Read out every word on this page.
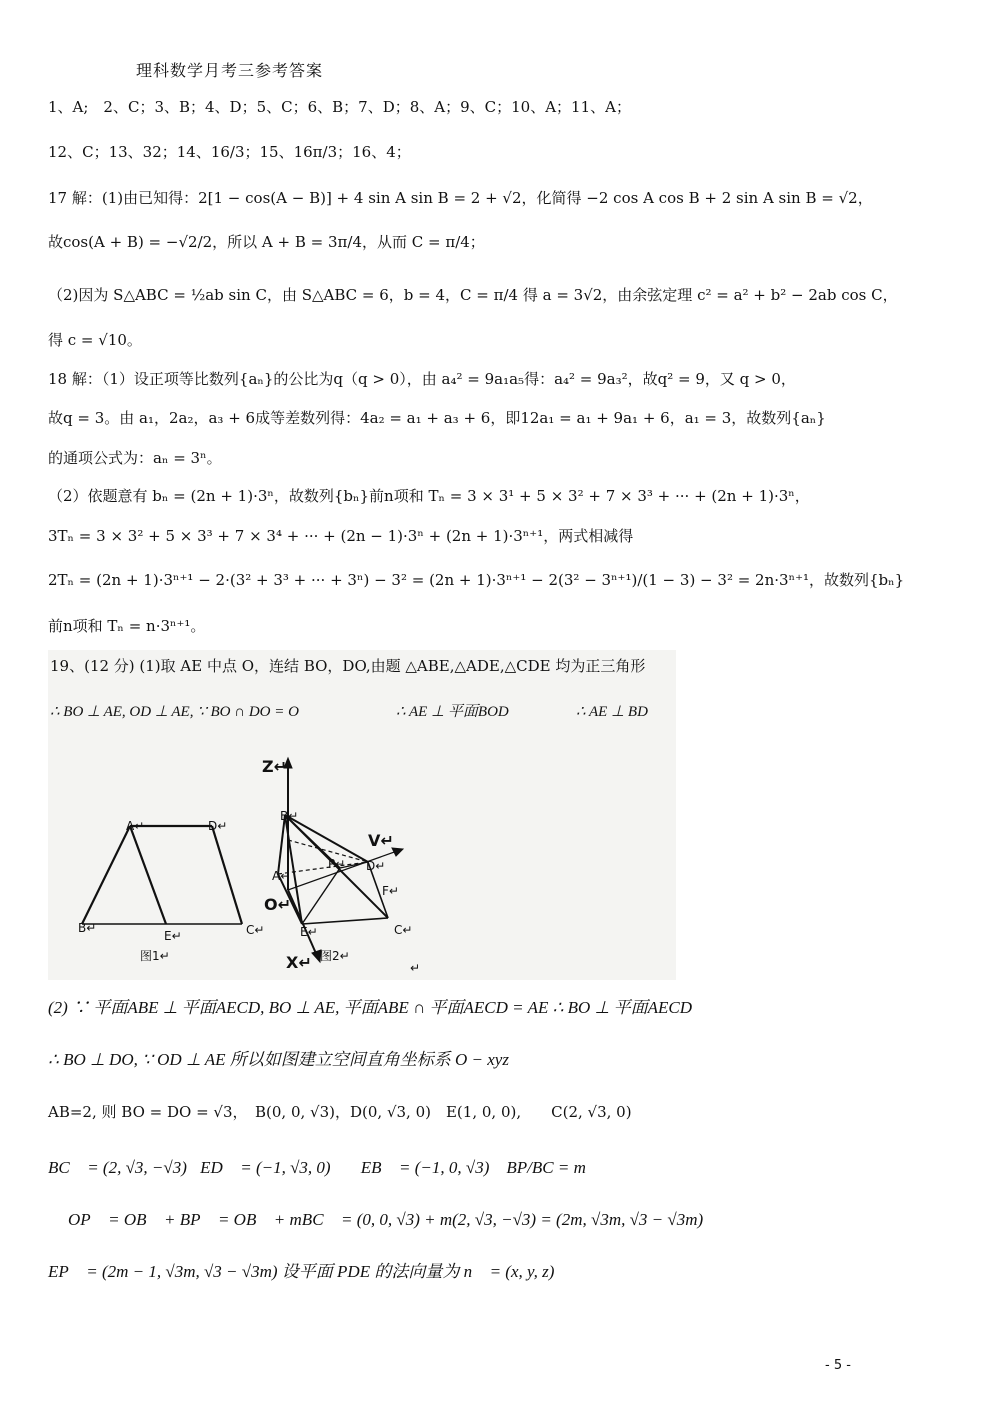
理科数学月考三参考答案
1、A;　2、C；3、B；4、D；5、C；6、B；7、D；8、A；9、C；10、A；11、A；
12、C；13、32；14、16/3；15、16π/3；16、4；
17 解：(1)由已知得：2[1 − cos(A − B)] + 4 sin A sin B = 2 + √2，化简得 −2 cos A cos B + 2 sin A sin B = √2，
故cos(A + B) = −√2/2，所以 A + B = 3π/4，从而 C = π/4；
（2)因为 S△ABC = ½ab sin C，由 S△ABC = 6，b = 4，C = π/4 得 a = 3√2，由余弦定理 c² = a² + b² − 2ab cos C，
得 c = √10。
18 解：（1）设正项等比数列{aₙ}的公比为q（q > 0），由 a₄² = 9a₁a₅得：a₄² = 9a₃²，故q² = 9，又 q > 0，
故q = 3。由 a₁，2a₂，a₃ + 6成等差数列得：4a₂ = a₁ + a₃ + 6，即12a₁ = a₁ + 9a₁ + 6，a₁ = 3，故数列{aₙ}
的通项公式为：aₙ = 3ⁿ。
（2）依题意有 bₙ = (2n + 1)·3ⁿ，故数列{bₙ}前n项和 Tₙ = 3 × 3¹ + 5 × 3² + 7 × 3³ + ··· + (2n + 1)·3ⁿ，
3Tₙ = 3 × 3² + 5 × 3³ + 7 × 3⁴ + ··· + (2n − 1)·3ⁿ + (2n + 1)·3ⁿ⁺¹，两式相减得
2Tₙ = (2n + 1)·3ⁿ⁺¹ − 2·(3² + 3³ + ··· + 3ⁿ) − 3² = (2n + 1)·3ⁿ⁺¹ − 2(3² − 3ⁿ⁺¹)/(1 − 3) − 3² = 2n·3ⁿ⁺¹，故数列{bₙ}
前n项和 Tₙ = n·3ⁿ⁺¹。
19、(12 分) (1)取 AE 中点 O，连结 BO，DO,由题 △ABE,△ADE,△CDE 均为正三角形
∴ BO ⊥ AE, OD ⊥ AE, ∵ BO ∩ DO = O	∴ AE ⊥ 平面BOD	∴ AE ⊥ BD
A↵	D↵
B↵
E↵	C↵
图1↵
Z↵
B↵
P↵
V↵
D↵
A↵
F↵
O↵
E↵	C↵
X↵ 图2↵
↵
(2) ∵ 平面ABE ⊥ 平面AECD, BO ⊥ AE, 平面ABE ∩ 平面AECD = AE ∴ BO ⊥ 平面AECD
∴ BO ⊥ DO, ∵ OD ⊥ AE 所以如图建立空间直角坐标系 O − xyz
AB=2, 则 BO = DO = √3，　B(0, 0, √3)，D(0, √3, 0)　E(1, 0, 0),　　C(2, √3, 0)
BC⃗ = (2, √3, −√3)，ED⃗ = (−1, √3, 0)　，EB⃗ = (−1, 0, √3)　BP/BC = m，
OP⃗ = OB⃗ + BP⃗ = OB⃗ + mBC⃗ = (0, 0, √3) + m(2, √3, −√3) = (2m, √3m, √3 − √3m)
EP⃗ = (2m − 1, √3m, √3 − √3m) 设平面 PDE 的法向量为 n⃗ = (x, y, z)，
- 5 -
